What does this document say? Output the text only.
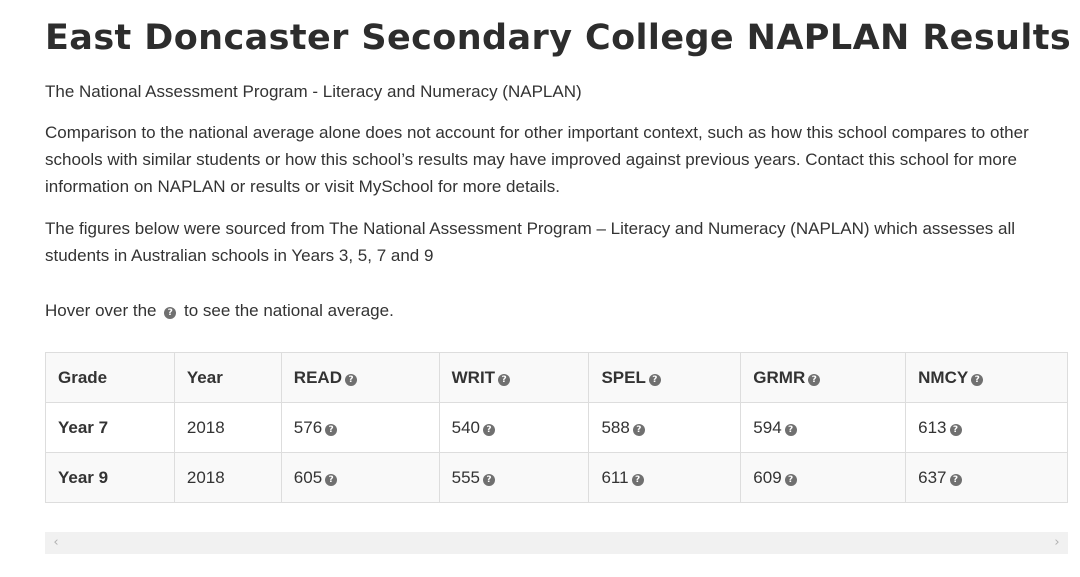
East Doncaster Secondary College NAPLAN Results

The National Assessment Program - Literacy and Numeracy (NAPLAN)

Comparison to the national average alone does not account for other important context, such as how this school compares to other schools with similar students or how this school’s results may have improved against previous years. Contact this school for more information on NAPLAN or results or visit MySchool for more details.

The figures below were sourced from The National Assessment Program – Literacy and Numeracy (NAPLAN) which assesses all students in Australian schools in Years 3, 5, 7 and 9

Hover over the ? to see the national average.

Grade	Year	READ ?	WRIT ?	SPEL ?	GRMR ?	NMCY ?
Year 7	2018	576 ?	540 ?	588 ?	594 ?	613 ?
Year 9	2018	605 ?	555 ?	611 ?	609 ?	637 ?
‹	›
